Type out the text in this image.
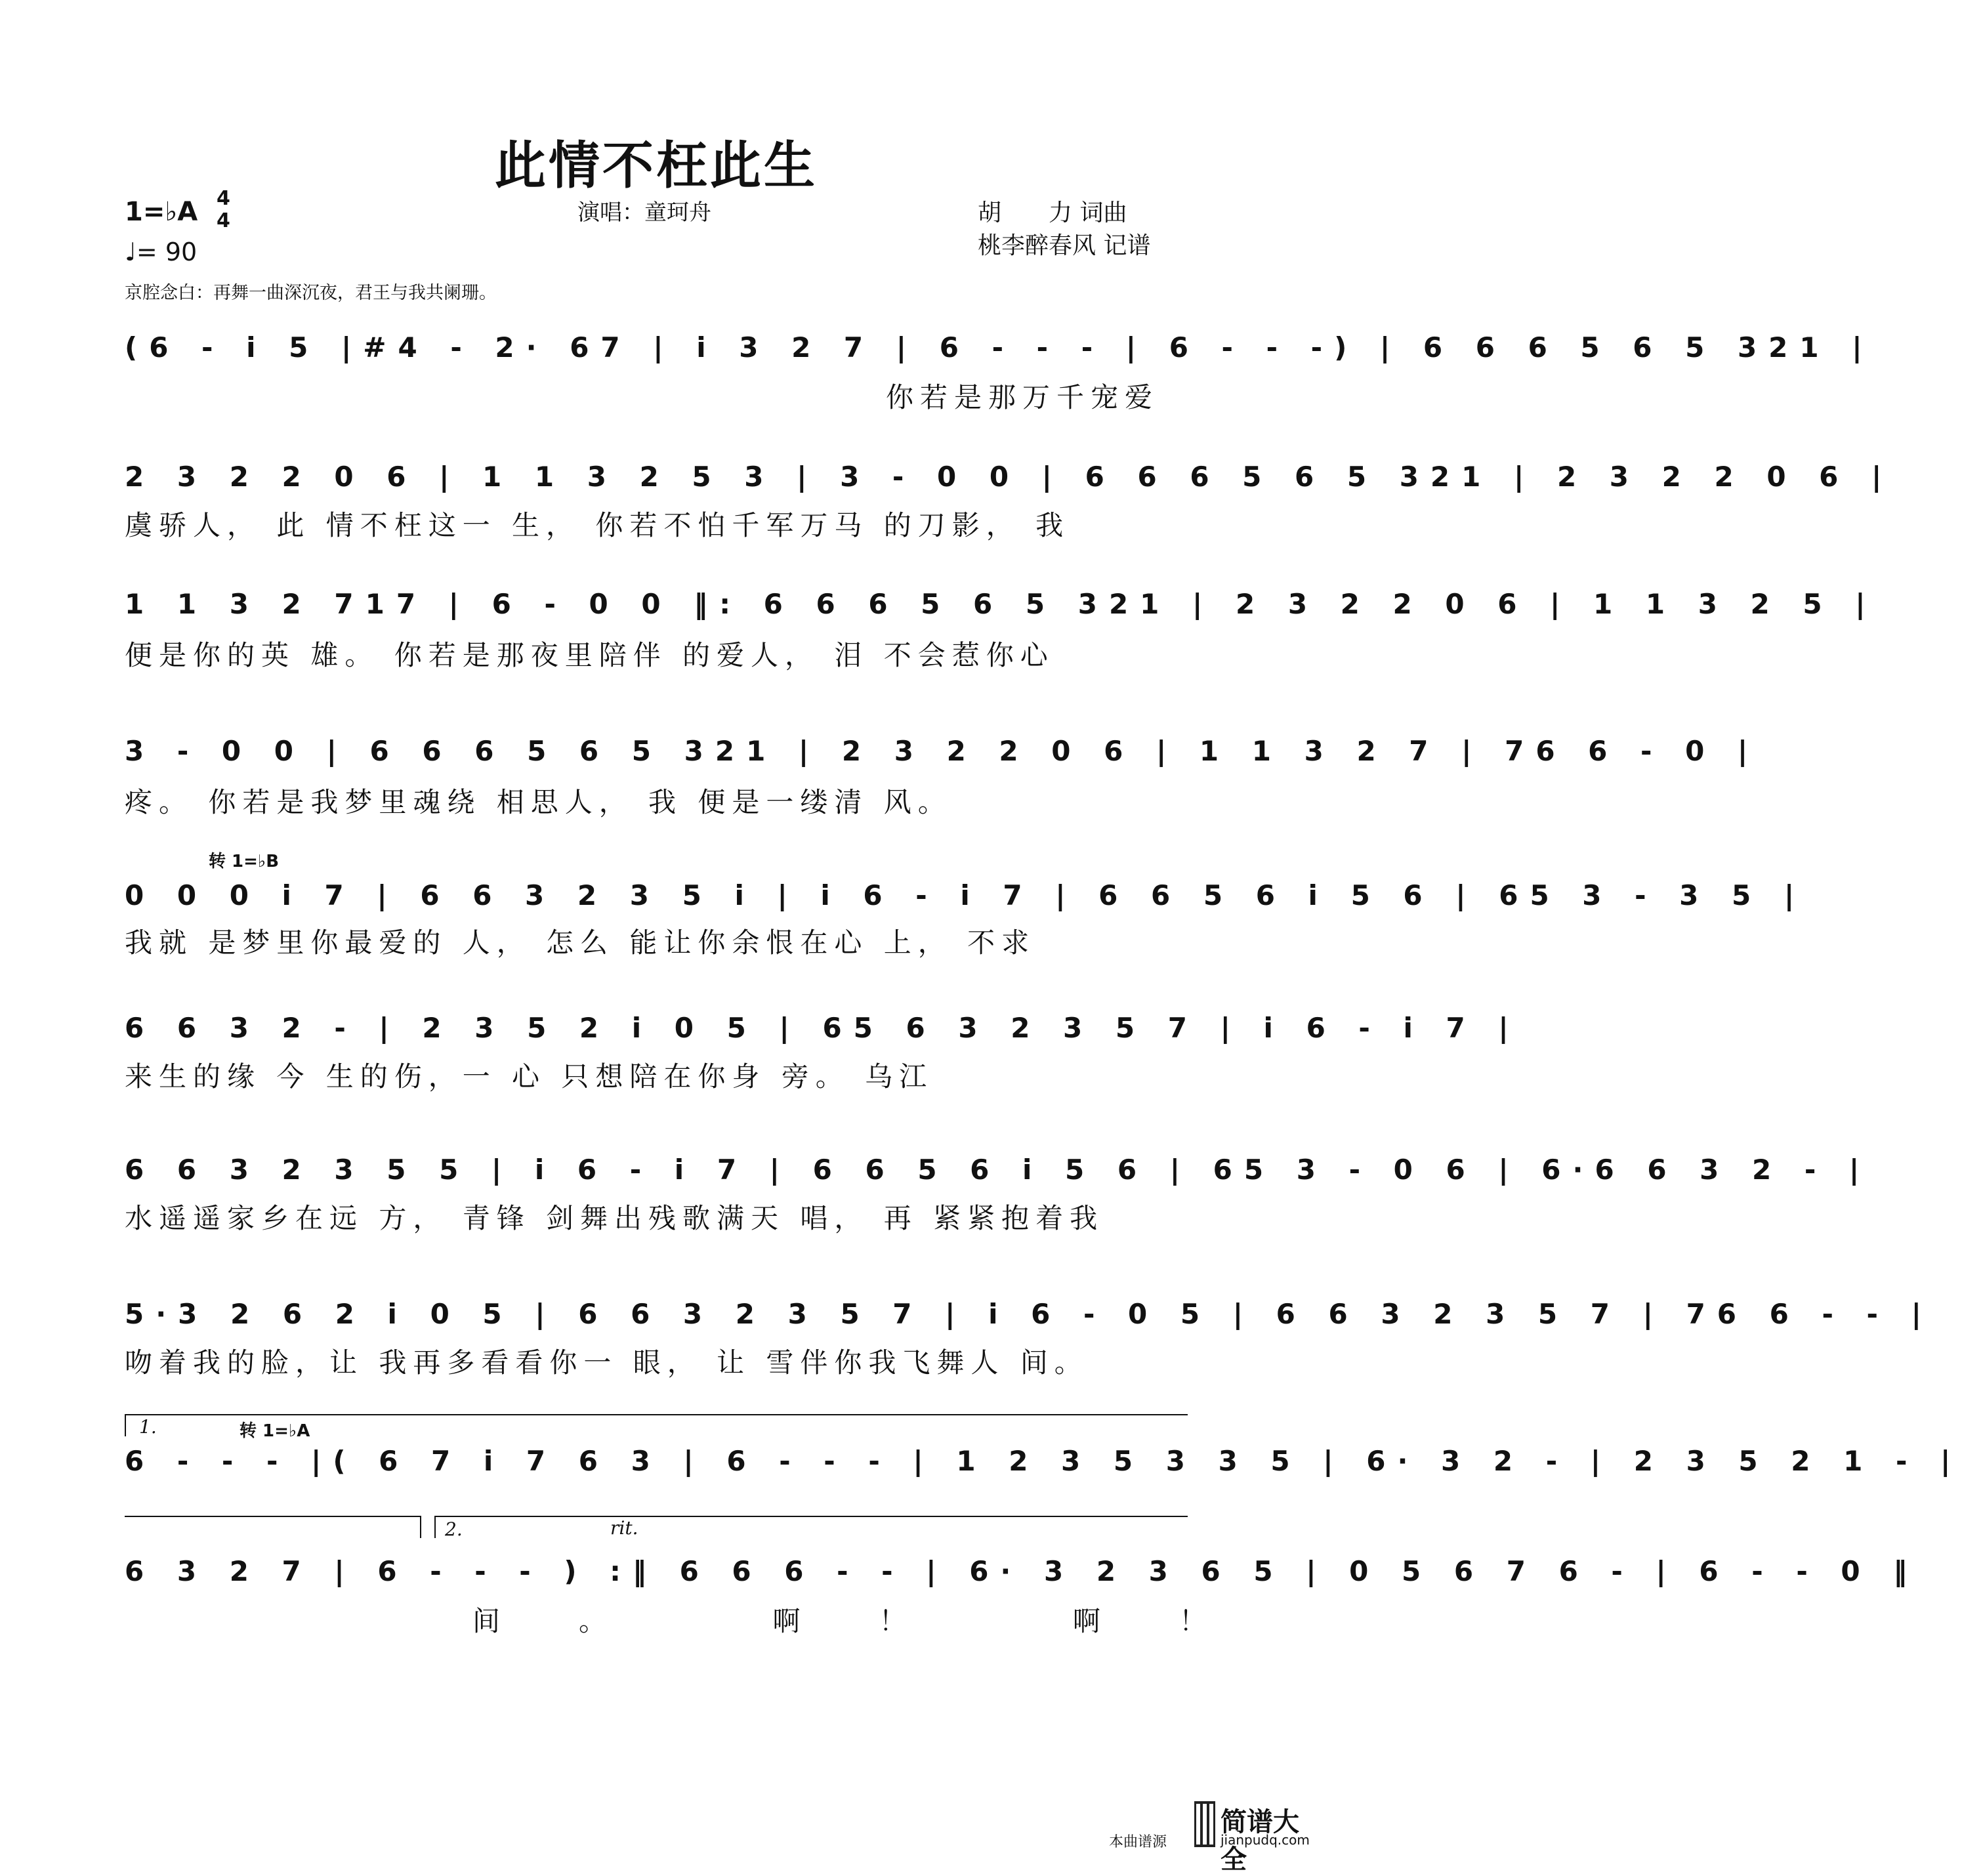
此情不枉此生
1=♭A 4
4
♩= 90
演唱：童珂舟	胡　　力 词曲
桃李醉春风 记谱
京腔念白：再舞一曲深沉夜，君王与我共阑珊。
(6 - i 5 |#4 - 2· 67 | i 3 2 7 | 6 - - - | 6 - - -) | 6 6 6 5 6 5 321 |
你若是那万千宠爱
2 3 2 2 0 6 | 1 1 3 2 5 3 | 3 - 0 0 | 6 6 6 5 6 5 321 | 2 3 2 2 0 6 |
虞骄人， 此 情不枉这一 生， 你若不怕千军万马 的刀影， 我
1 1 3 2 717 | 6 - 0 0 ‖: 6 6 6 5 6 5 321 | 2 3 2 2 0 6 | 1 1 3 2 5 |
便是你的英 雄。 你若是那夜里陪伴 的爱人， 泪 不会惹你心
3 - 0 0 | 6 6 6 5 6 5 321 | 2 3 2 2 0 6 | 1 1 3 2 7 | 76 6 - 0 |
疼。 你若是我梦里魂绕 相思人， 我 便是一缕清 风。
转 1=♭B
0 0 0 i 7 | 6 6 3 2 3 5 i | i 6 - i 7 | 6 6 5 6 i 5 6 | 65 3 - 3 5 |
我就 是梦里你最爱的 人， 怎么 能让你余恨在心 上， 不求
6 6 3 2 - | 2 3 5 2 i 0 5 | 65 6 3 2 3 5 7 | i 6 - i 7 |
来生的缘 今 生的伤，一 心 只想陪在你身 旁。 乌江
6 6 3 2 3 5 5 | i 6 - i 7 | 6 6 5 6 i 5 6 | 65 3 - 0 6 | 6·6 6 3 2 - |
水遥遥家乡在远 方， 青锋 剑舞出残歌满天 唱， 再 紧紧抱着我
5·3 2 6 2 i 0 5 | 6 6 3 2 3 5 7 | i 6 - 0 5 | 6 6 3 2 3 5 7 | 76 6 - - |
吻着我的脸，让 我再多看看你一 眼， 让 雪伴你我飞舞人 间。
1.	转 1=♭A
6 - - - |( 6 7 i 7 6 3 | 6 - - - | 1 2 3 5 3 3 5 | 6· 3 2 - | 2 3 5 2 1 - |
2.	rit.
6 3 2 7 | 6 - - - ) :‖ 6 6 6 - - | 6· 3 2 3 6 5 | 0 5 6 7 6 - | 6 - - 0 ‖
间。 啊！ 啊！
本曲谱源
简谱大全
jianpudq.com
